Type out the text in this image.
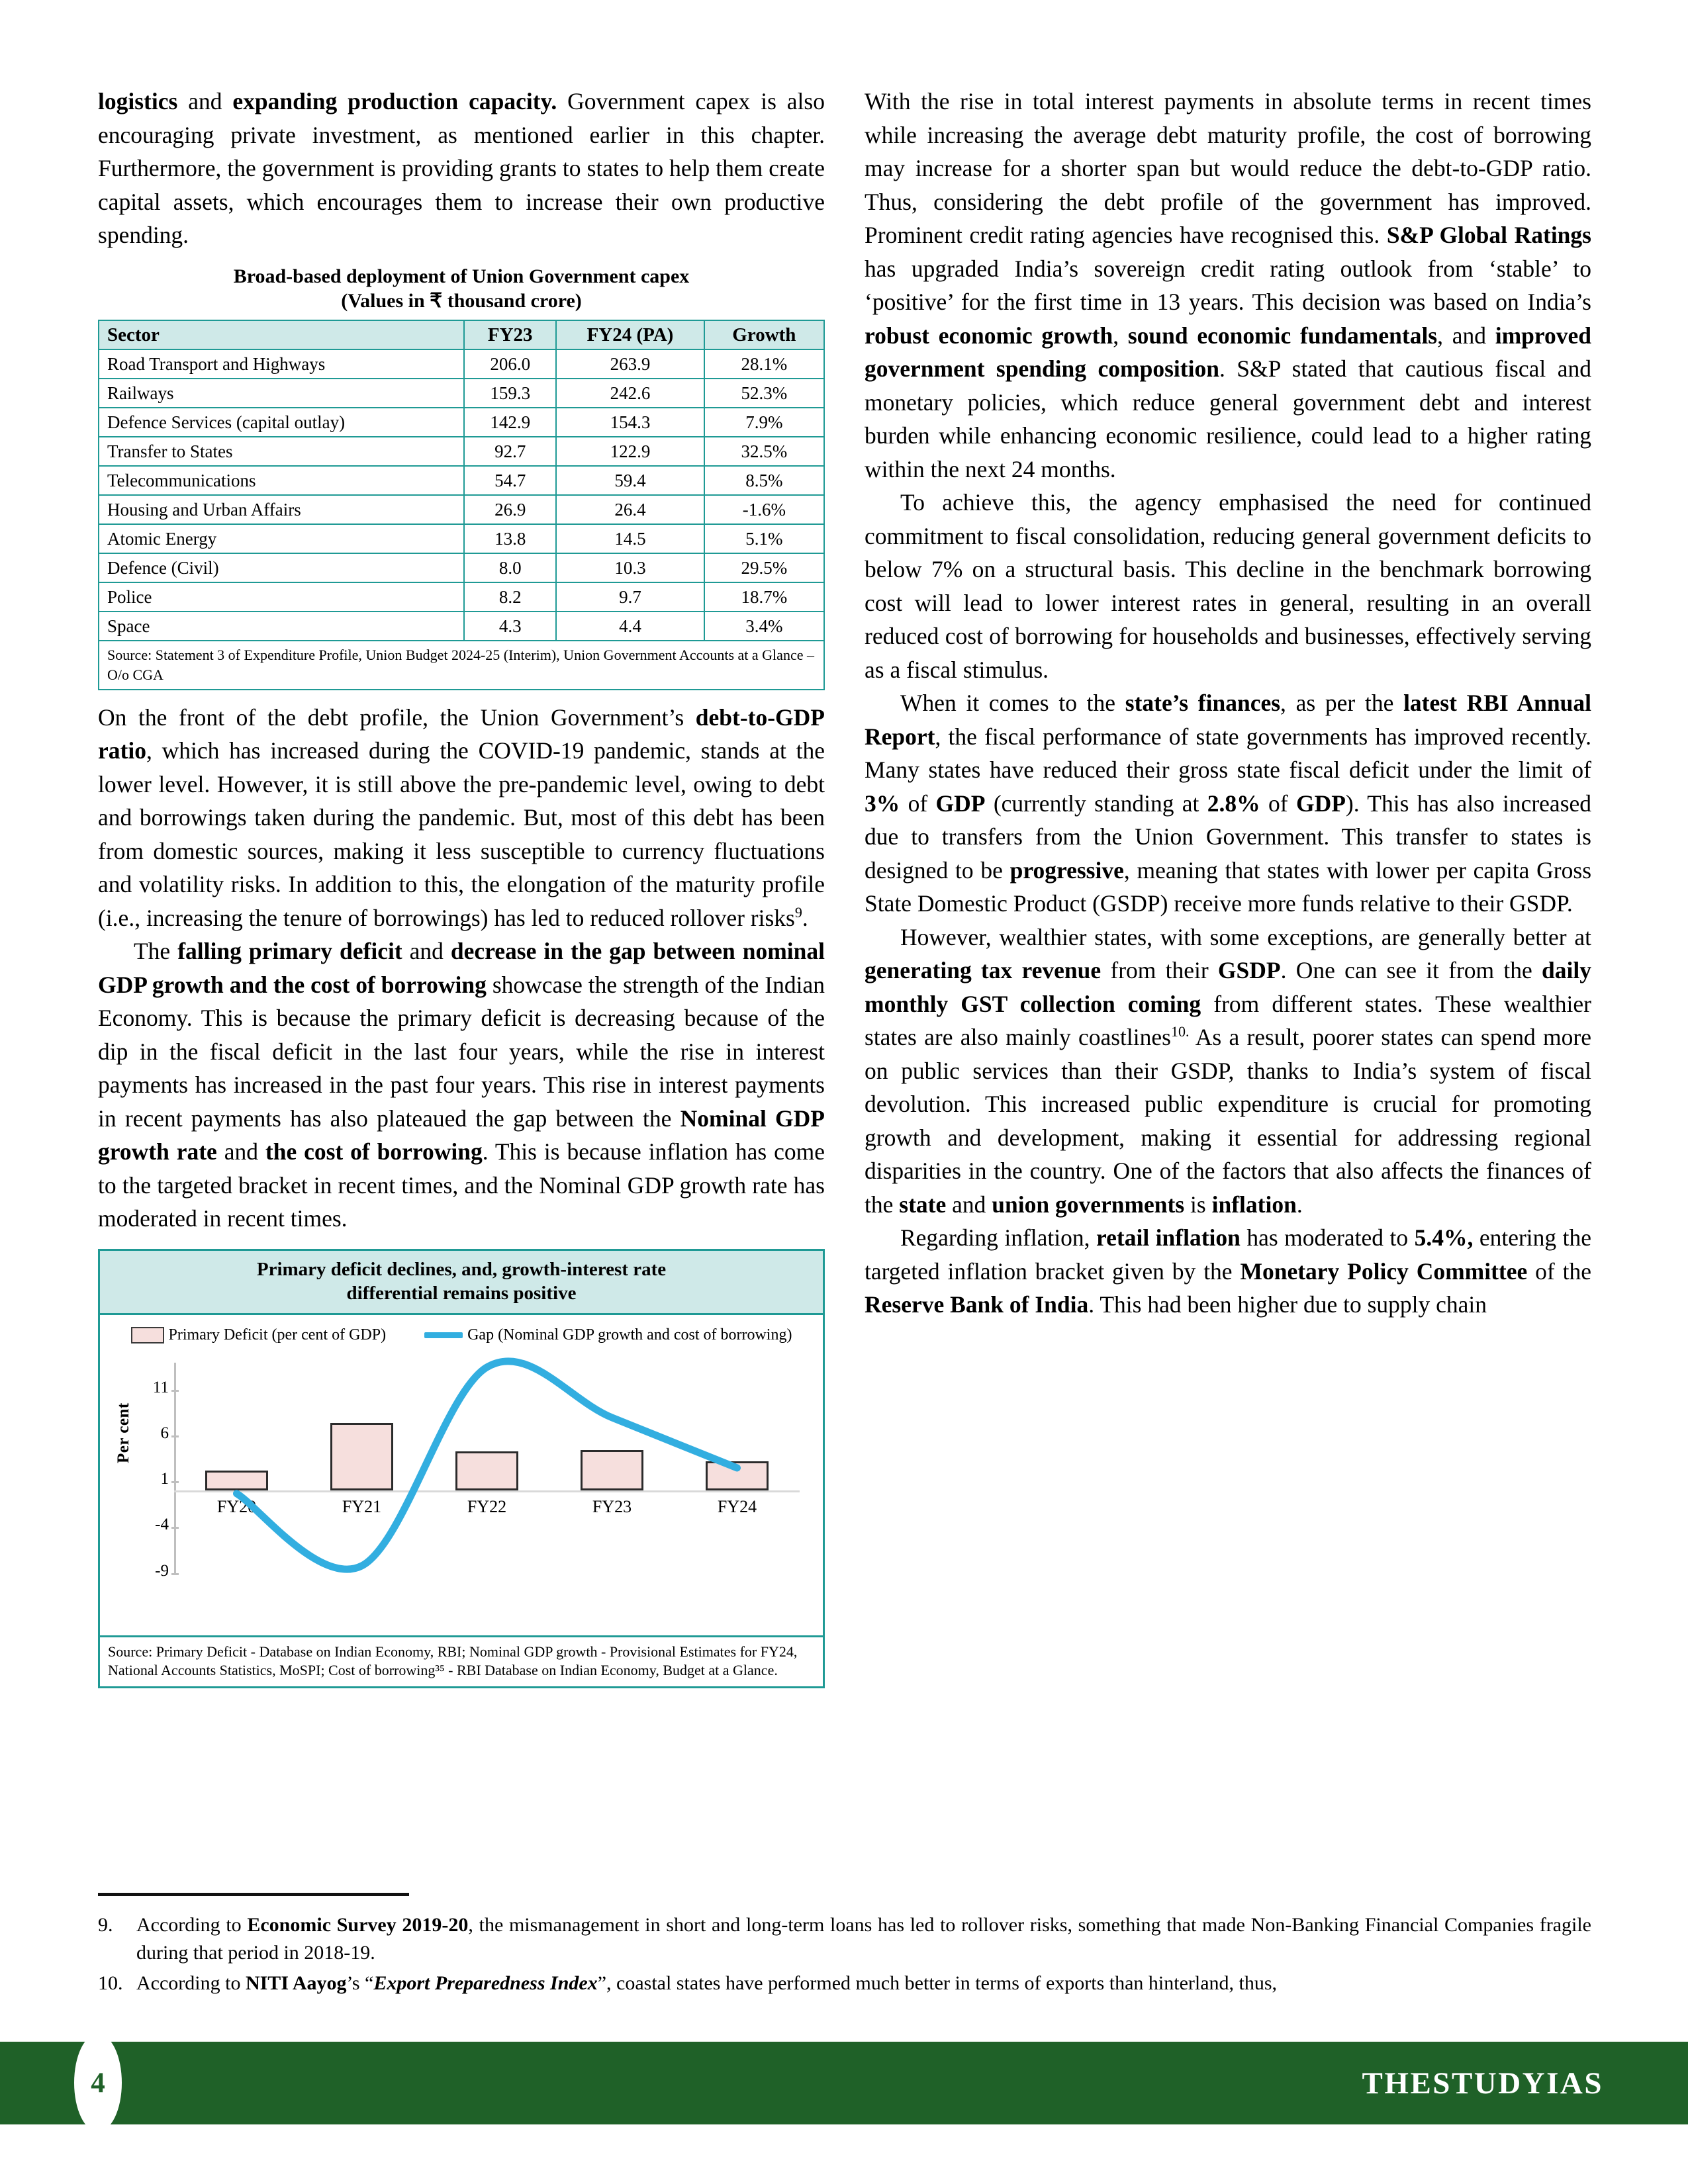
logistics and expanding production capacity. Government capex is also encouraging private investment, as mentioned earlier in this chapter. Furthermore, the government is providing grants to states to help them create capital assets, which encourages them to increase their own productive spending.

Broad-based deployment of Union Government capex
(Values in ₹ thousand crore)
Sector	FY23	FY24 (PA)	Growth
Road Transport and Highways	206.0	263.9	28.1%
Railways	159.3	242.6	52.3%
Defence Services (capital outlay)	142.9	154.3	7.9%
Transfer to States	92.7	122.9	32.5%
Telecommunications	54.7	59.4	8.5%
Housing and Urban Affairs	26.9	26.4	-1.6%
Atomic Energy	13.8	14.5	5.1%
Defence (Civil)	8.0	10.3	29.5%
Police	8.2	9.7	18.7%
Space	4.3	4.4	3.4%
Source: Statement 3 of Expenditure Profile, Union Budget 2024-25 (Interim), Union Government Accounts at a Glance – O/o CGA			

On the front of the debt profile, the Union Government’s debt-to-GDP ratio, which has increased during the COVID-19 pandemic, stands at the lower level. However, it is still above the pre-pandemic level, owing to debt and borrowings taken during the pandemic. But, most of this debt has been from domestic sources, making it less susceptible to currency fluctuations and volatility risks. In addition to this, the elongation of the maturity profile (i.e., increasing the tenure of borrowings) has led to reduced rollover risks$^9$.

The falling primary deficit and decrease in the gap between nominal GDP growth and the cost of borrowing showcase the strength of the Indian Economy. This is because the primary deficit is decreasing because of the dip in the fiscal deficit in the last four years, while the rise in interest payments has increased in the past four years. This rise in interest payments in recent payments has also plateaued the gap between the Nominal GDP growth rate and the cost of borrowing. This is because inflation has come to the targeted bracket in recent times, and the Nominal GDP growth rate has moderated in recent times.

Primary deficit declines, and, growth-interest rate
differential remains positive
Primary Deficit (per cent of GDP)	Gap (Nominal GDP growth and cost of borrowing)
Per cent
11
6
1
-4
-9
FY20	FY21	FY22	FY23	FY24
Source: Primary Deficit - Database on Indian Economy, RBI; Nominal GDP growth - Provisional Estimates for FY24, National Accounts Statistics, MoSPI; Cost of borrowing³⁵ - RBI Database on Indian Economy, Budget at a Glance.

With the rise in total interest payments in absolute terms in recent times while increasing the average debt maturity profile, the cost of borrowing may increase for a shorter span but would reduce the debt-to-GDP ratio. Thus, considering the debt profile of the government has improved. Prominent credit rating agencies have recognised this. S&P Global Ratings has upgraded India’s sovereign credit rating outlook from ‘stable’ to ‘positive’ for the first time in 13 years. This decision was based on India’s robust economic growth, sound economic fundamentals, and improved government spending composition. S&P stated that cautious fiscal and monetary policies, which reduce general government debt and interest burden while enhancing economic resilience, could lead to a higher rating within the next 24 months.

To achieve this, the agency emphasised the need for continued commitment to fiscal consolidation, reducing general government deficits to below 7% on a structural basis. This decline in the benchmark borrowing cost will lead to lower interest rates in general, resulting in an overall reduced cost of borrowing for households and businesses, effectively serving as a fiscal stimulus.

When it comes to the state’s finances, as per the latest RBI Annual Report, the fiscal performance of state governments has improved recently. Many states have reduced their gross state fiscal deficit under the limit of 3% of GDP (currently standing at 2.8% of GDP). This has also increased due to transfers from the Union Government. This transfer to states is designed to be progressive, meaning that states with lower per capita Gross State Domestic Product (GSDP) receive more funds relative to their GSDP.

However, wealthier states, with some exceptions, are generally better at generating tax revenue from their GSDP. One can see it from the daily monthly GST collection coming from different states. These wealthier states are also mainly coastlines$^{10.}$ As a result, poorer states can spend more on public services than their GSDP, thanks to India’s system of fiscal devolution. This increased public expenditure is crucial for promoting growth and development, making it essential for addressing regional disparities in the country. One of the factors that also affects the finances of the state and union governments is inflation.

Regarding inflation, retail inflation has moderated to 5.4%, entering the targeted inflation bracket given by the Monetary Policy Committee of the Reserve Bank of India. This had been higher due to supply chain

9.	According to Economic Survey 2019-20, the mismanagement in short and long-term loans has led to rollover risks, something that made Non-Banking Financial Companies fragile during that period in 2018-19.
10. According to NITI Aayog’s “Export Preparedness Index”, coastal states have performed much better in terms of exports than hinterland, thus,
4	THESTUDYIAS
